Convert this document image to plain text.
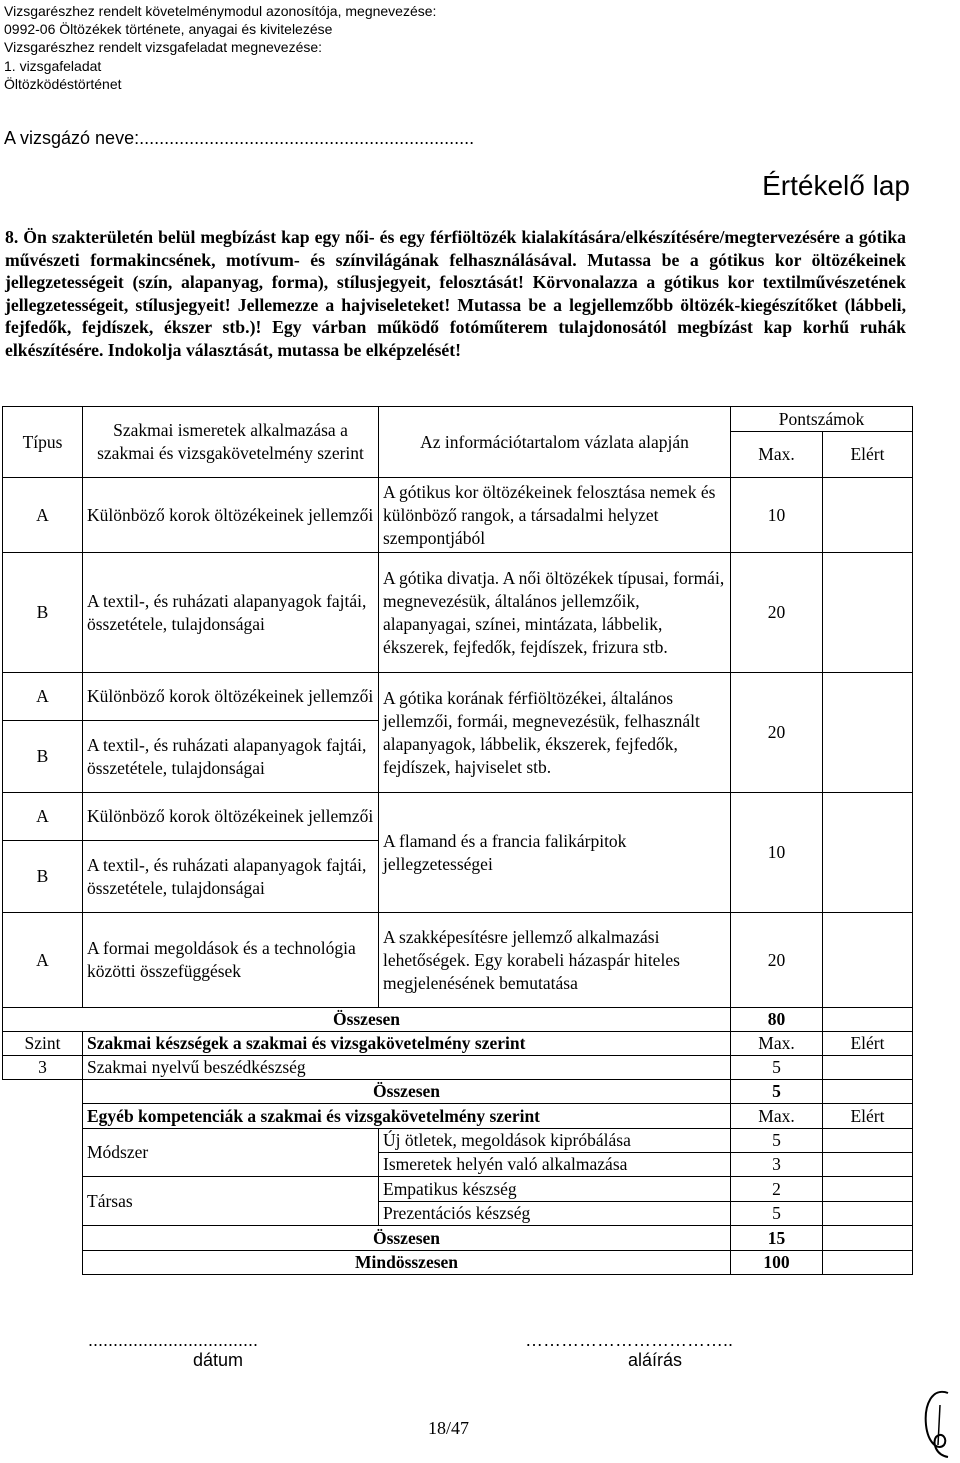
Vizsgarészhez rendelt követelménymodul azonosítója, megnevezése:
0992-06 Öltözékek története, anyagai és kivitelezése
Vizsgarészhez rendelt vizsgafeladat megnevezése:
1. vizsgafeladat
Öltözködéstörténet
A vizsgázó neve:...................................................................
Értékelő lap
8. Ön szakterületén belül megbízást kap egy női- és egy férfiöltözék kialakítására/elkészítésére/megtervezésére a gótika művészeti formakincsének, motívum- és színvilágának felhasználásával. Mutassa be a gótikus kor öltözékeinek jellegzetességeit (szín, alapanyag, forma), stílusjegyeit, felosztását! Körvonalazza a gótikus kor textilművészetének jellegzetességeit, stílusjegyeit! Jellemezze a hajviseleteket! Mutassa be a legjellemzőbb öltözék-kiegészítőket (lábbeli, fejfedők, fejdíszek, ékszer stb.)! Egy várban működő fotóműterem tulajdonosától megbízást kap korhű ruhák elkészítésére. Indokolja választását, mutassa be elképzelését!
Típus	Szakmai ismeretek alkalmazása a szakmai és vizsgakövetelmény szerint	Az információtartalom vázlata alapján	Pontszámok	
			Max.	Elért
A	Különböző korok öltözékeinek jellemzői	A gótikus kor öltözékeinek felosztása nemek és különböző rangok, a társadalmi helyzet szempontjából	10	
B	A textil-, és ruházati alapanyagok fajtái, összetétele, tulajdonságai	A gótika divatja. A női öltözékek típusai, formái, megnevezésük, általános jellemzőik, alapanyagai, színei, mintázata, lábbelik, ékszerek, fejfedők, fejdíszek, frizura stb.	20	
A	Különböző korok öltözékeinek jellemzői	A gótika korának férfiöltözékei, általános jellemzői, formái, megnevezésük, felhasznált alapanyagok, lábbelik, ékszerek, fejfedők, fejdíszek, hajviselet stb.	20	
B	A textil-, és ruházati alapanyagok fajtái, összetétele, tulajdonságai			
A	Különböző korok öltözékeinek jellemzői	A flamand és a francia falikárpitok jellegzetességei	10	
B	A textil-, és ruházati alapanyagok fajtái, összetétele, tulajdonságai			
A	A formai megoldások és a technológia közötti összefüggések	A szakképesítésre jellemző alkalmazási lehetőségek. Egy korabeli házaspár hiteles megjelenésének bemutatása	20	
Összesen			80	
Szint	Szakmai készségek a szakmai és vizsgakövetelmény szerint		Max.	Elért
3	Szakmai nyelvű beszédkészség		5	
	Összesen		5	
	Egyéb kompetenciák a szakmai és vizsgakövetelmény szerint		Max.	Elért
	Módszer	Új ötletek, megoldások kipróbálása	5	
		Ismeretek helyén való alkalmazása	3	
	Társas	Empatikus készség	2	
		Prezentációs készség	5	
	Összesen		15	
	Mindösszesen		100	
..................................	……………………………..
dátum	aláírás
18/47
